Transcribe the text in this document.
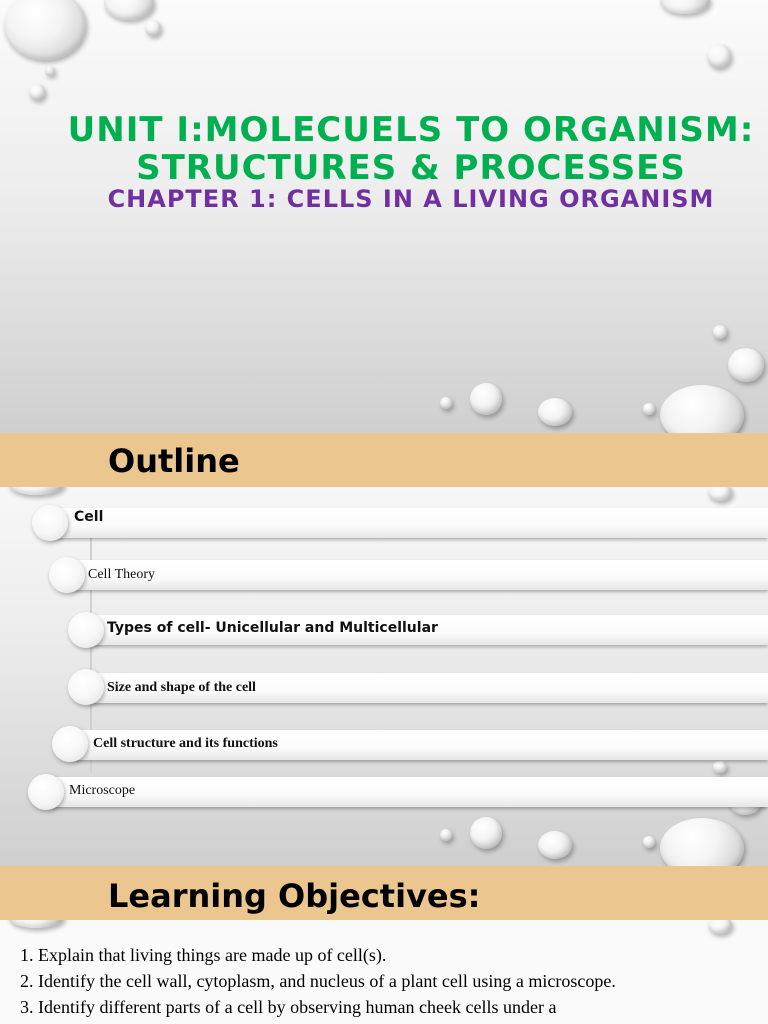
UNIT I:MOLECUELS TO ORGANISM:
STRUCTURES & PROCESSES
CHAPTER 1: CELLS IN A LIVING ORGANISM
Outline
Cell
Cell Theory
Types of cell- Unicellular and Multicellular
Size and shape of the cell
Cell structure and its functions
Microscope
Learning Objectives:
1. Explain that living things are made up of cell(s).
2. Identify the cell wall, cytoplasm, and nucleus of a plant cell using a microscope.
3. Identify different parts of a cell by observing human cheek cells under a
